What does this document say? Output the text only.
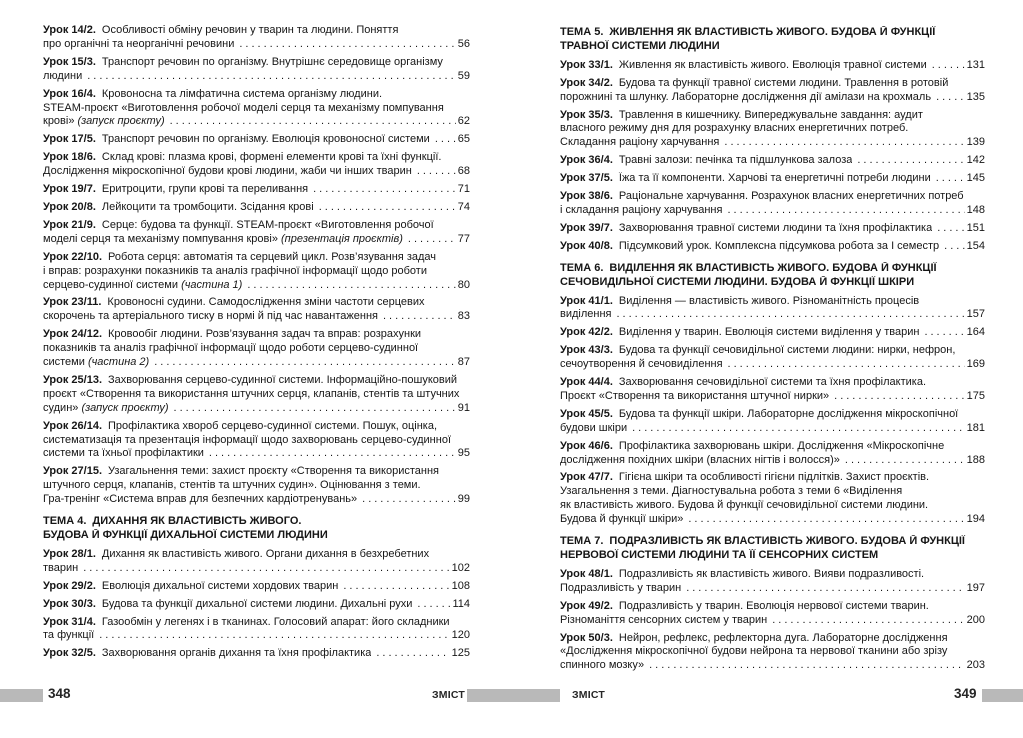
Урок 14/2. Особливості обміну речовин у тварин та людини. Поняття
про органічні та неорганічні речовини .....	56
Урок 15/3. Транспорт речовин по організму. Внутрішнє середовище організму
людини .....	59
Урок 16/4. Кровоносна та лімфатична система організму людини.
STEAM-проєкт «Виготовлення робочої моделі серця та механізму помпування
крові» (запуск проєкту) .....	62
Урок 17/5. Транспорт речовин по організму. Еволюція кровоносної системи .....	65
Урок 18/6. Склад крові: плазма крові, формені елементи крові та їхні функції.
Дослідження мікроскопічної будови крові людини, жаби чи інших тварин .....	68
Урок 19/7. Еритроцити, групи крові та переливання .....	71
Урок 20/8. Лейкоцити та тромбоцити. Зсідання крові .....	74
Урок 21/9. Серце: будова та функції. STEAM-проєкт «Виготовлення робочої
моделі серця та механізму помпування крові» (презентація проєктів) .....	77
Урок 22/10. Робота серця: автоматія та серцевий цикл. Розв’язування задач
і вправ: розрахунки показників та аналіз графічної інформації щодо роботи
серцево-судинної системи (частина 1) .....	80
Урок 23/11. Кровоносні судини. Самодослідження зміни частоти серцевих
скорочень та артеріального тиску в нормі й під час навантаження .....	83
Урок 24/12. Кровообіг людини. Розв’язування задач та вправ: розрахунки
показників та аналіз графічної інформації щодо роботи серцево-судинної
системи (частина 2) .....	87
Урок 25/13. Захворювання серцево-судинної системи. Інформаційно-пошуковий
проєкт «Створення та використання штучних серця, клапанів, стентів та штучних
судин» (запуск проєкту) .....	91
Урок 26/14. Профілактика хвороб серцево-судинної системи. Пошук, оцінка,
систематизація та презентація інформації щодо захворювань серцево-судинної
системи та їхньої профілактики .....	95
Урок 27/15. Узагальнення теми: захист проєкту «Створення та використання
штучного серця, клапанів, стентів та штучних судин». Оцінювання з теми.
Гра-тренінг «Система вправ для безпечних кардіотренувань» .....	99
ТЕМА 4. ДИХАННЯ ЯК ВЛАСТИВІСТЬ ЖИВОГО.
БУДОВА Й ФУНКЦІЇ ДИХАЛЬНОЇ СИСТЕМИ ЛЮДИНИ
Урок 28/1. Дихання як властивість живого. Органи дихання в безхребетних
тварин .....	102
Урок 29/2. Еволюція дихальної системи хордових тварин .....	108
Урок 30/3. Будова та функції дихальної системи людини. Дихальні рухи .....	114
Урок 31/4. Газообмін у легенях і в тканинах. Голосовий апарат: його складники
та функції .....	120
Урок 32/5. Захворювання органів дихання та їхня профілактика .....	125
ТЕМА 5. ЖИВЛЕННЯ ЯК ВЛАСТИВІСТЬ ЖИВОГО. БУДОВА Й ФУНКЦІЇ
ТРАВНОЇ СИСТЕМИ ЛЮДИНИ
Урок 33/1. Живлення як властивість живого. Еволюція травної системи .....	131
Урок 34/2. Будова та функції травної системи людини. Травлення в ротовій
порожнині та шлунку. Лабораторне дослідження дії амілази на крохмаль .....	135
Урок 35/3. Травлення в кишечнику. Випереджувальне завдання: аудит
власного режиму дня для розрахунку власних енергетичних потреб.
Складання раціону харчування .....	139
Урок 36/4. Травні залози: печінка та підшлункова залоза .....	142
Урок 37/5. Їжа та її компоненти. Харчові та енергетичні потреби людини .....	145
Урок 38/6. Раціональне харчування. Розрахунок власних енергетичних потреб
і складання раціону харчування .....	148
Урок 39/7. Захворювання травної системи людини та їхня профілактика .....	151
Урок 40/8. Підсумковий урок. Комплексна підсумкова робота за І семестр .....	154
ТЕМА 6. ВИДІЛЕННЯ ЯК ВЛАСТИВІСТЬ ЖИВОГО. БУДОВА Й ФУНКЦІЇ
СЕЧОВИДІЛЬНОЇ СИСТЕМИ ЛЮДИНИ. БУДОВА Й ФУНКЦІЇ ШКІРИ
Урок 41/1. Виділення — властивість живого. Різноманітність процесів
виділення .....	157
Урок 42/2. Виділення у тварин. Еволюція системи виділення у тварин .....	164
Урок 43/3. Будова та функції сечовидільної системи людини: нирки, нефрон,
сечоутворення й сечовиділення .....	169
Урок 44/4. Захворювання сечовидільної системи та їхня профілактика.
Проєкт «Створення та використання штучної нирки» .....	175
Урок 45/5. Будова та функції шкіри. Лабораторне дослідження мікроскопічної
будови шкіри .....	181
Урок 46/6. Профілактика захворювань шкіри. Дослідження «Мікроскопічне
дослідження похідних шкіри (власних нігтів і волосся)» .....	188
Урок 47/7. Гігієна шкіри та особливості гігієни підлітків. Захист проєктів.
Узагальнення з теми. Діагностувальна робота з теми 6 «Виділення
як властивість живого. Будова й функції сечовидільної системи людини.
Будова й функції шкіри» .....	194
ТЕМА 7. ПОДРАЗЛИВІСТЬ ЯК ВЛАСТИВІСТЬ ЖИВОГО. БУДОВА Й ФУНКЦІЇ
НЕРВОВОЇ СИСТЕМИ ЛЮДИНИ ТА ЇЇ СЕНСОРНИХ СИСТЕМ
Урок 48/1. Подразливість як властивість живого. Вияви подразливості.
Подразливість у тварин .....	197
Урок 49/2. Подразливість у тварин. Еволюція нервової системи тварин.
Різноманіття сенсорних систем у тварин .....	200
Урок 50/3. Нейрон, рефлекс, рефлекторна дуга. Лабораторне дослідження
«Дослідження мікроскопічної будови нейрона та нервової тканини або зрізу
спинного мозку» .....	203
348	ЗМІСТ	ЗМІСТ	349
